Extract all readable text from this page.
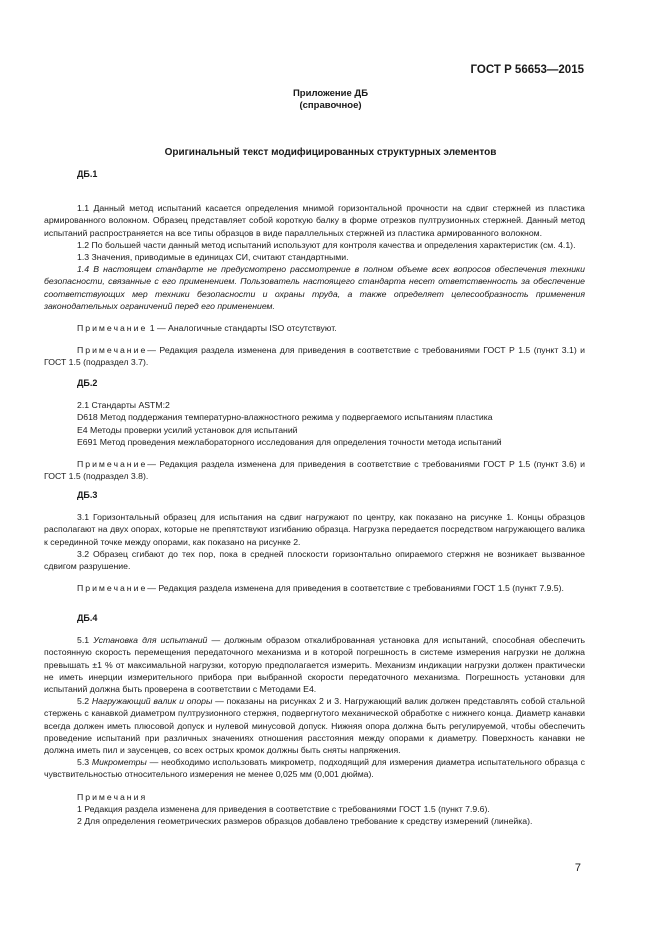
ГОСТ Р 56653—2015
Приложение ДБ
(справочное)
Оригинальный текст модифицированных структурных элементов
ДБ.1

1.1 Данный метод испытаний касается определения мнимой горизонтальной прочности на сдвиг стержней из пластика армированного волокном. Образец представляет собой короткую балку в форме отрезков пултрузионных стержней. Данный метод испытаний распространяется на все типы образцов в виде параллельных стержней из пластика армированного волокном.

1.2 По большей части данный метод испытаний используют для контроля качества и определения характеристик (см. 4.1).

1.3 Значения, приводимые в единицах СИ, считают стандартными.

1.4 В настоящем стандарте не предусмотрено рассмотрение в полном объеме всех вопросов обеспечения техники безопасности, связанные с его применением. Пользователь настоящего стандарта несет ответственность за обеспечение соответствующих мер техники безопасности и охраны труда, а также определяет целесообразность применения законодательных ограничений перед его применением.

Примечание 1 — Аналогичные стандарты ISO отсутствуют.

Примечание— Редакция раздела изменена для приведения в соответствие с требованиями ГОСТ Р 1.5 (пункт 3.1) и ГОСТ 1.5 (подраздел 3.7).

ДБ.2

2.1 Стандарты ASTM:2

D618 Метод поддержания температурно-влажностного режима у подвергаемого испытаниям пластика

Е4 Методы проверки усилий установок для испытаний

Е691 Метод проведения межлабораторного исследования для определения точности метода испытаний

Примечание— Редакция раздела изменена для приведения в соответствие с требованиями ГОСТ Р 1.5 (пункт 3.6) и ГОСТ 1.5 (подраздел 3.8).

ДБ.3

3.1 Горизонтальный образец для испытания на сдвиг нагружают по центру, как показано на рисунке 1. Концы образцов располагают на двух опорах, которые не препятствуют изгибанию образца. Нагрузка передается посредством нагружающего валика к серединной точке между опорами, как показано на рисунке 2.

3.2 Образец сгибают до тех пор, пока в средней плоскости горизонтально опираемого стержня не возникает вызванное сдвигом разрушение.

Примечание— Редакция раздела изменена для приведения в соответствие с требованиями ГОСТ 1.5 (пункт 7.9.5).

ДБ.4

5.1 Установка для испытаний — должным образом откалиброванная установка для испытаний, способная обеспечить постоянную скорость перемещения передаточного механизма и в которой погрешность в системе измерения нагрузки не должна превышать ±1 % от максимальной нагрузки, которую предполагается измерить. Механизм индикации нагрузки должен практически не иметь инерции измерительного прибора при выбранной скорости передаточного механизма. Погрешность установки для испытаний должна быть проверена в соответствии с Методами Е4.

5.2 Нагружающий валик и опоры — показаны на рисунках 2 и 3. Нагружающий валик должен представлять собой стальной стержень с канавкой диаметром пултрузионного стержня, подвергнутого механической обработке с нижнего конца. Диаметр канавки всегда должен иметь плюсовой допуск и нулевой минусовой допуск. Нижняя опора должна быть регулируемой, чтобы обеспечить проведение испытаний при различных значениях отношения расстояния между опорами к диаметру. Поверхность канавки не должна иметь пил и заусенцев, со всех острых кромок должны быть сняты напряжения.

5.3 Микрометры — необходимо использовать микрометр, подходящий для измерения диаметра испытательного образца с чувствительностью относительного измерения не менее 0,025 мм (0,001 дюйма).

Примечания

1 Редакция раздела изменена для приведения в соответствие с требованиями ГОСТ 1.5 (пункт 7.9.6).

2 Для определения геометрических размеров образцов добавлено требование к средству измерений (линейка).

7
